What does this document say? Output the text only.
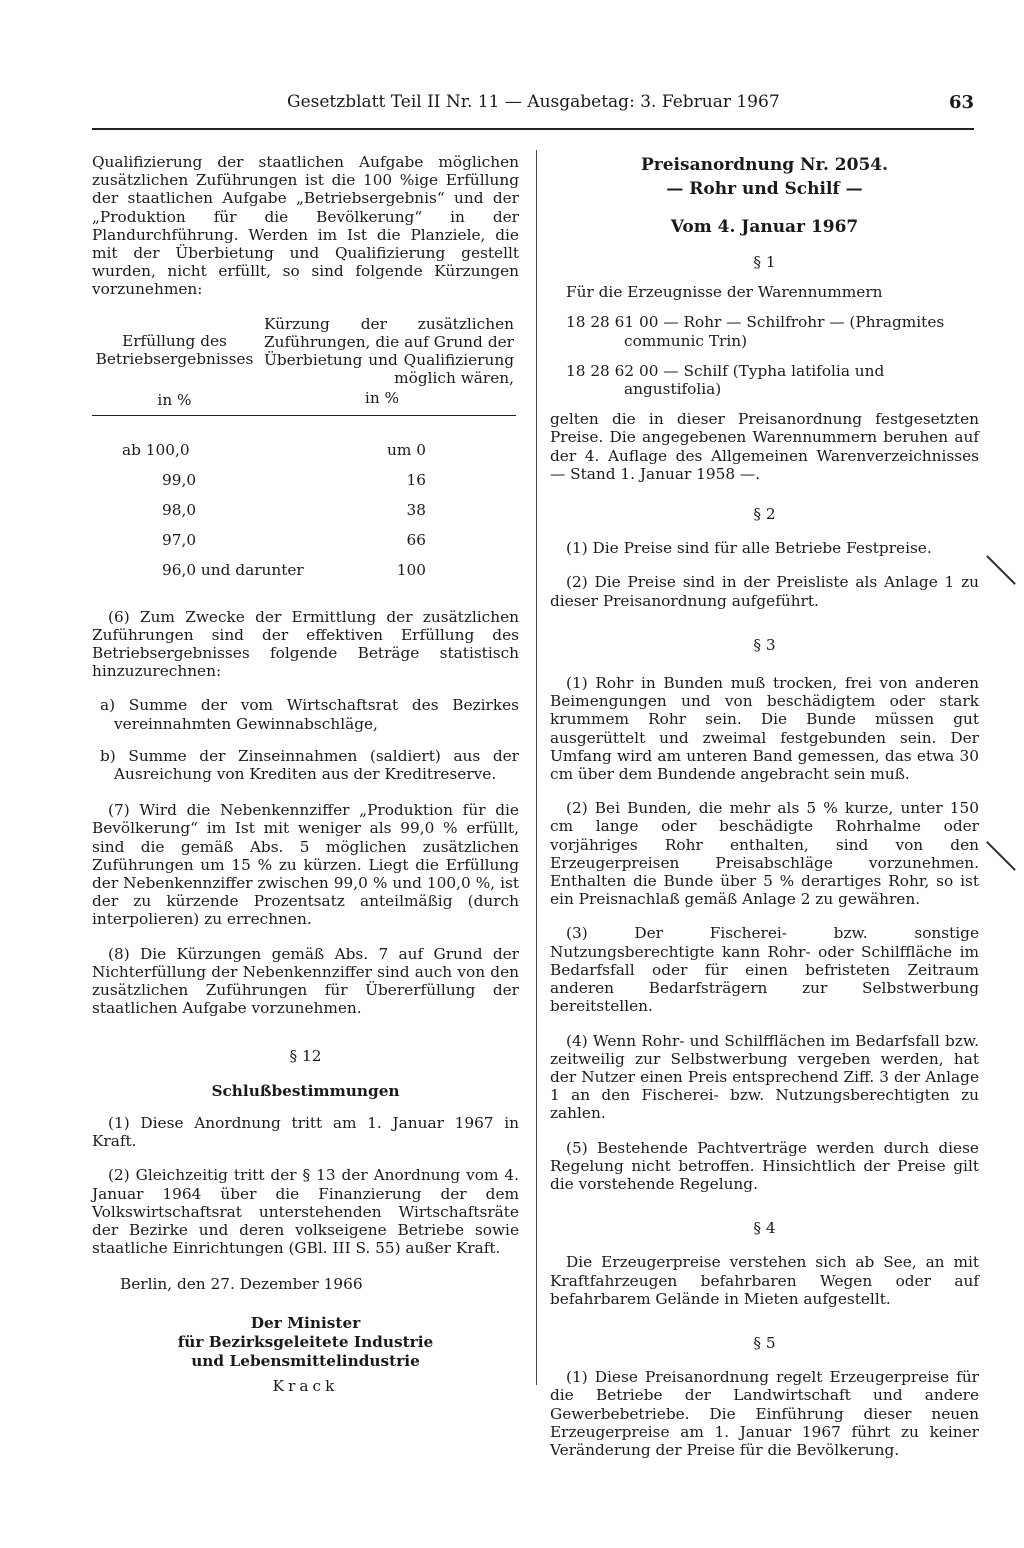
Gesetzblatt Teil II Nr. 11 — Ausgabetag: 3. Februar 1967	63

Qualifizierung der staatlichen Aufgabe möglichen zusätzlichen Zuführungen ist die 100 %ige Erfüllung der staatlichen Aufgabe „Betriebsergebnis“ und der „Produktion für die Bevölkerung“ in der Plandurchführung. Werden im Ist die Planziele, die mit der Überbietung und Qualifizierung gestellt wurden, nicht erfüllt, so sind folgende Kürzungen vorzunehmen:

Erfüllung des Betriebsergebnisses
Kürzung der zusätzlichen Zuführungen, die auf Grund der Überbietung und Qualifizierung möglich wären,
in %	in %
ab 100,0	um 0
99,0	16
98,0	38
97,0	66
96,0 und darunter	100

(6) Zum Zwecke der Ermittlung der zusätzlichen Zuführungen sind der effektiven Erfüllung des Betriebsergebnisses folgende Beträge statistisch hinzuzurechnen:

a) Summe der vom Wirtschaftsrat des Bezirkes vereinnahmten Gewinnabschläge,
b) Summe der Zinseinnahmen (saldiert) aus der Ausreichung von Krediten aus der Kreditreserve.

(7) Wird die Nebenkennziffer „Produktion für die Bevölkerung“ im Ist mit weniger als 99,0 % erfüllt, sind die gemäß Abs. 5 möglichen zusätzlichen Zuführungen um 15 % zu kürzen. Liegt die Erfüllung der Nebenkennziffer zwischen 99,0 % und 100,0 %, ist der zu kürzende Prozentsatz anteilmäßig (durch interpolieren) zu errechnen.

(8) Die Kürzungen gemäß Abs. 7 auf Grund der Nichterfüllung der Nebenkennziffer sind auch von den zusätzlichen Zuführungen für Übererfüllung der staatlichen Aufgabe vorzunehmen.

§ 12
Schlußbestimmungen

(1) Diese Anordnung tritt am 1. Januar 1967 in Kraft.

(2) Gleichzeitig tritt der § 13 der Anordnung vom 4. Januar 1964 über die Finanzierung der dem Volkswirtschaftsrat unterstehenden Wirtschaftsräte der Bezirke und deren volkseigene Betriebe sowie staatliche Einrichtungen (GBl. III S. 55) außer Kraft.

Berlin, den 27. Dezember 1966
Der Minister
für Bezirksgeleitete Industrie
und Lebensmittelindustrie
Krack
Preisanordnung Nr. 2054.
— Rohr und Schilf —
Vom 4. Januar 1967
§ 1

Für die Erzeugnisse der Warennummern

18 28 61 00 — Rohr — Schilfrohr — (Phragmites communic Trin)
18 28 62 00 — Schilf (Typha latifolia und angustifolia)

gelten die in dieser Preisanordnung festgesetzten Preise. Die angegebenen Warennummern beruhen auf der 4. Auflage des Allgemeinen Warenverzeichnisses — Stand 1. Januar 1958 —.

§ 2

(1) Die Preise sind für alle Betriebe Festpreise.

(2) Die Preise sind in der Preisliste als Anlage 1 zu dieser Preisanordnung aufgeführt.

§ 3

(1) Rohr in Bunden muß trocken, frei von anderen Beimengungen und von beschädigtem oder stark krummem Rohr sein. Die Bunde müssen gut ausgerüttelt und zweimal festgebunden sein. Der Umfang wird am unteren Band gemessen, das etwa 30 cm über dem Bundende angebracht sein muß.

(2) Bei Bunden, die mehr als 5 % kurze, unter 150 cm lange oder beschädigte Rohrhalme oder vorjähriges Rohr enthalten, sind von den Erzeugerpreisen Preisabschläge vorzunehmen. Enthalten die Bunde über 5 % derartiges Rohr, so ist ein Preisnachlaß gemäß Anlage 2 zu gewähren.

(3) Der Fischerei- bzw. sonstige Nutzungsberechtigte kann Rohr- oder Schilffläche im Bedarfsfall oder für einen befristeten Zeitraum anderen Bedarfsträgern zur Selbstwerbung bereitstellen.

(4) Wenn Rohr- und Schilfflächen im Bedarfsfall bzw. zeitweilig zur Selbstwerbung vergeben werden, hat der Nutzer einen Preis entsprechend Ziff. 3 der Anlage 1 an den Fischerei- bzw. Nutzungsberechtigten zu zahlen.

(5) Bestehende Pachtverträge werden durch diese Regelung nicht betroffen. Hinsichtlich der Preise gilt die vorstehende Regelung.

§ 4

Die Erzeugerpreise verstehen sich ab See, an mit Kraftfahrzeugen befahrbaren Wegen oder auf befahrbarem Gelände in Mieten aufgestellt.

§ 5

(1) Diese Preisanordnung regelt Erzeugerpreise für die Betriebe der Landwirtschaft und andere Gewerbebetriebe. Die Einführung dieser neuen Erzeugerpreise am 1. Januar 1967 führt zu keiner Veränderung der Preise für die Bevölkerung.
